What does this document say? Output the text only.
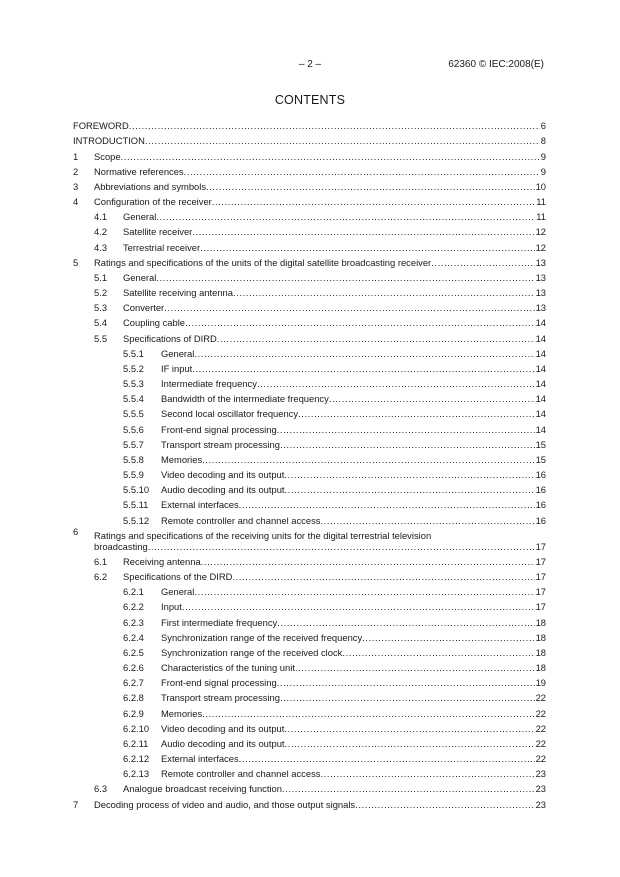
– 2 –	62360 © IEC:2008(E)
CONTENTS
FOREWORD .....	6
INTRODUCTION .....	8
1	Scope .....	9
2	Normative references .....	9
3	Abbreviations and symbols .....	10
4	Configuration of the receiver .....	11
4.1	General .....	11
4.2	Satellite receiver .....	12
4.3	Terrestrial receiver .....	12
5	Ratings and specifications of the units of the digital satellite broadcasting receiver .....	13
5.1	General .....	13
5.2	Satellite receiving antenna .....	13
5.3	Converter .....	13
5.4	Coupling cable .....	14
5.5	Specifications of DIRD .....	14
5.5.1	General .....	14
5.5.2	IF input .....	14
5.5.3	Intermediate frequency .....	14
5.5.4	Bandwidth of the intermediate frequency .....	14
5.5.5	Second local oscillator frequency .....	14
5.5.6	Front-end signal processing .....	14
5.5.7	Transport stream processing .....	15
5.5.8	Memories .....	15
5.5.9	Video decoding and its output .....	16
5.5.10	Audio decoding and its output .....	16
5.5.11	External interfaces .....	16
5.5.12	Remote controller and channel access .....	16
6	Ratings and specifications of the receiving units for the digital terrestrial television
broadcasting .....	17
6.1	Receiving antenna .....	17
6.2	Specifications of the DIRD .....	17
6.2.1	General .....	17
6.2.2	Input .....	17
6.2.3	First intermediate frequency .....	18
6.2.4	Synchronization range of the received frequency .....	18
6.2.5	Synchronization range of the received clock .....	18
6.2.6	Characteristics of the tuning unit .....	18
6.2.7	Front-end signal processing .....	19
6.2.8	Transport stream processing .....	22
6.2.9	Memories .....	22
6.2.10	Video decoding and its output .....	22
6.2.11	Audio decoding and its output .....	22
6.2.12	External interfaces .....	22
6.2.13	Remote controller and channel access .....	23
6.3	Analogue broadcast receiving function .....	23
7	Decoding process of video and audio, and those output signals .....	23
